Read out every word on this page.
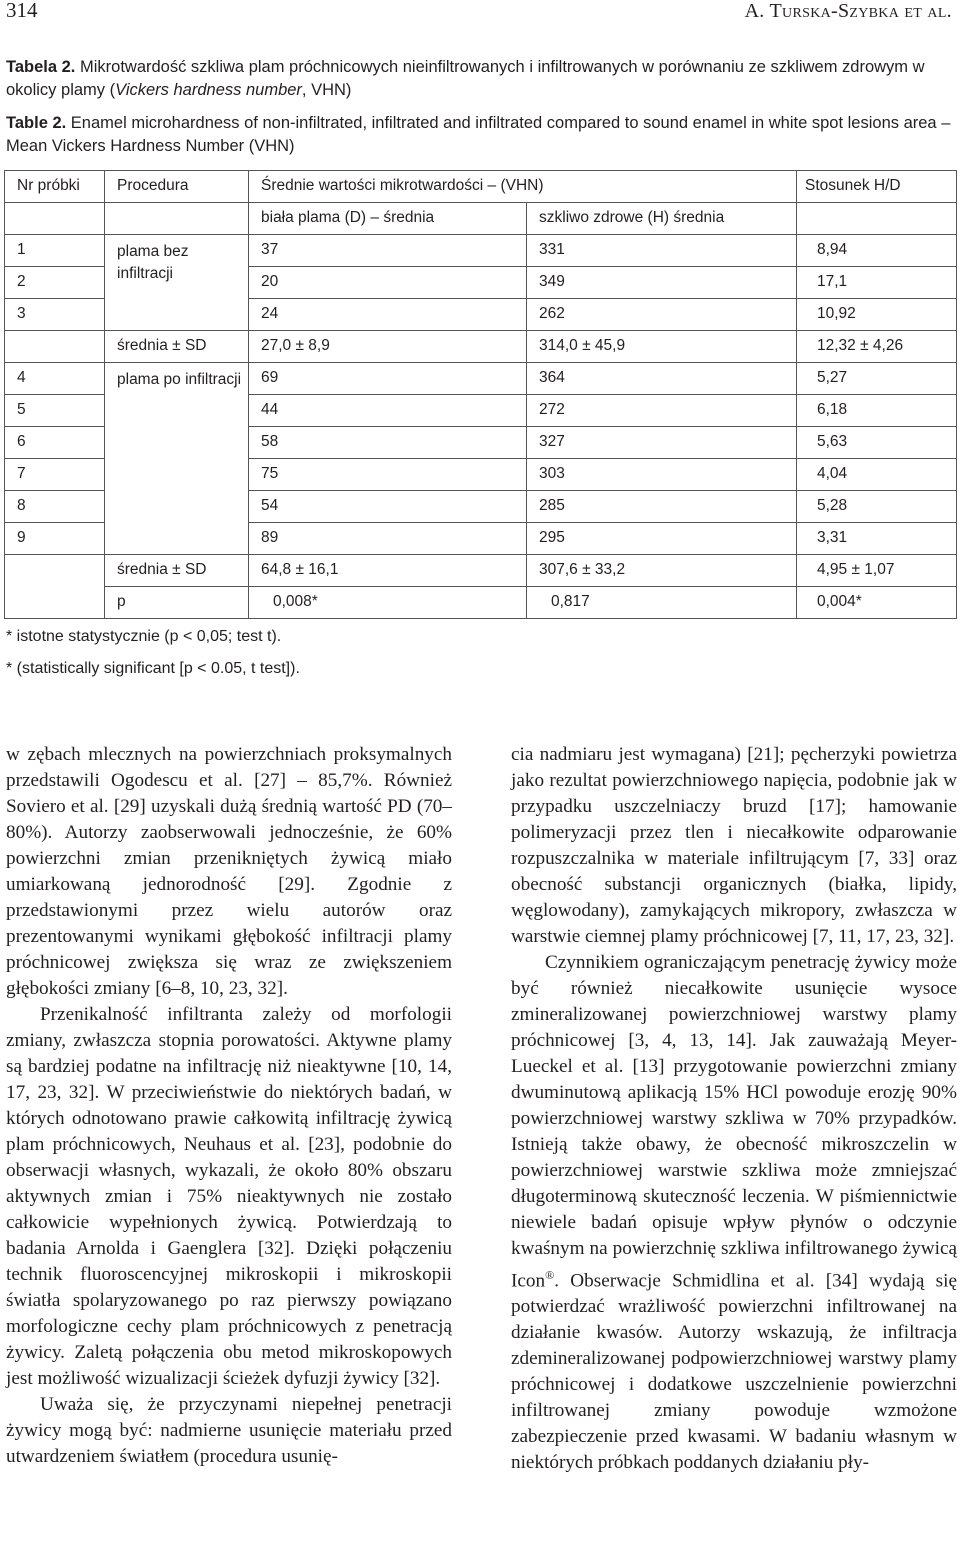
314	A. Turska-Szybka et al.
Tabela 2. Mikrotwardość szkliwa plam próchnicowych nieinfiltrowanych i infiltrowanych w porównaniu ze szkliwem zdrowym w okolicy plamy (Vickers hardness number, VHN)
Table 2. Enamel microhardness of non-infiltrated, infiltrated and infiltrated compared to sound enamel in white spot lesions area – Mean Vickers Hardness Number (VHN)
Nr próbki	Procedura	Średnie wartości mikrotwardości – (VHN)		Stosunek H/D
		biała plama (D) – średnia	szkliwo zdrowe (H) średnia	
1	plama bez infiltracji	37	331	8,94
2		20	349	17,1
3		24	262	10,92
	średnia ± SD	27,0 ± 8,9	314,0 ± 45,9	12,32 ± 4,26
4	plama po infiltracji	69	364	5,27
5		44	272	6,18
6		58	327	5,63
7		75	303	4,04
8		54	285	5,28
9		89	295	3,31
	średnia ± SD	64,8 ± 16,1	307,6 ± 33,2	4,95 ± 1,07
	p	0,008*	0,817	0,004*
* istotne statystycznie (p < 0,05; test t).
* (statistically significant [p < 0.05, t test]).

w zębach mlecznych na powierzchniach proksymalnych przedstawili Ogodescu et al. [27] – 85,7%. Również Soviero et al. [29] uzyskali dużą średnią wartość PD (70–80%). Autorzy zaobserwowali jednocześnie, że 60% powierzchni zmian przenikniętych żywicą miało umiarkowaną jednorodność [29]. Zgodnie z przedstawionymi przez wielu autorów oraz prezentowanymi wynikami głębokość infiltracji plamy próchnicowej zwiększa się wraz ze zwiększeniem głębokości zmiany [6–8, 10, 23, 32].

Przenikalność infiltranta zależy od morfologii zmiany, zwłaszcza stopnia porowatości. Aktywne plamy są bardziej podatne na infiltrację niż nieaktywne [10, 14, 17, 23, 32]. W przeciwieństwie do niektórych badań, w których odnotowano prawie całkowitą infiltrację żywicą plam próchnicowych, Neuhaus et al. [23], podobnie do obserwacji własnych, wykazali, że około 80% obszaru aktywnych zmian i 75% nieaktywnych nie zostało całkowicie wypełnionych żywicą. Potwierdzają to badania Arnolda i Gaenglera [32]. Dzięki połączeniu technik fluoroscencyjnej mikroskopii i mikroskopii światła spolaryzowanego po raz pierwszy powiązano morfologiczne cechy plam próchnicowych z penetracją żywicy. Zaletą połączenia obu metod mikroskopowych jest możliwość wizualizacji ścieżek dyfuzji żywicy [32].

Uważa się, że przyczynami niepełnej penetracji żywicy mogą być: nadmierne usunięcie materiału przed utwardzeniem światłem (procedura usunię-

cia nadmiaru jest wymagana) [21]; pęcherzyki powietrza jako rezultat powierzchniowego napięcia, podobnie jak w przypadku uszczelniaczy bruzd [17]; hamowanie polimeryzacji przez tlen i niecałkowite odparowanie rozpuszczalnika w materiale infiltrującym [7, 33] oraz obecność substancji organicznych (białka, lipidy, węglowodany), zamykających mikropory, zwłaszcza w warstwie ciemnej plamy próchnicowej [7, 11, 17, 23, 32].

Czynnikiem ograniczającym penetrację żywicy może być również niecałkowite usunięcie wysoce zmineralizowanej powierzchniowej warstwy plamy próchnicowej [3, 4, 13, 14]. Jak zauważają Meyer-Lueckel et al. [13] przygotowanie powierzchni zmiany dwuminutową aplikacją 15% HCl powoduje erozję 90% powierzchniowej warstwy szkliwa w 70% przypadków. Istnieją także obawy, że obecność mikroszczelin w powierzchniowej warstwie szkliwa może zmniejszać długoterminową skuteczność leczenia. W piśmiennictwie niewiele badań opisuje wpływ płynów o odczynie kwaśnym na powierzchnię szkliwa infiltrowanego żywicą Icon®. Obserwacje Schmidlina et al. [34] wydają się potwierdzać wrażliwość powierzchni infiltrowanej na działanie kwasów. Autorzy wskazują, że infiltracja zdemineralizowanej podpowierzchniowej warstwy plamy próchnicowej i dodatkowe uszczelnienie powierzchni infiltrowanej zmiany powoduje wzmożone zabezpieczenie przed kwasami. W badaniu własnym w niektórych próbkach poddanych działaniu pły-
